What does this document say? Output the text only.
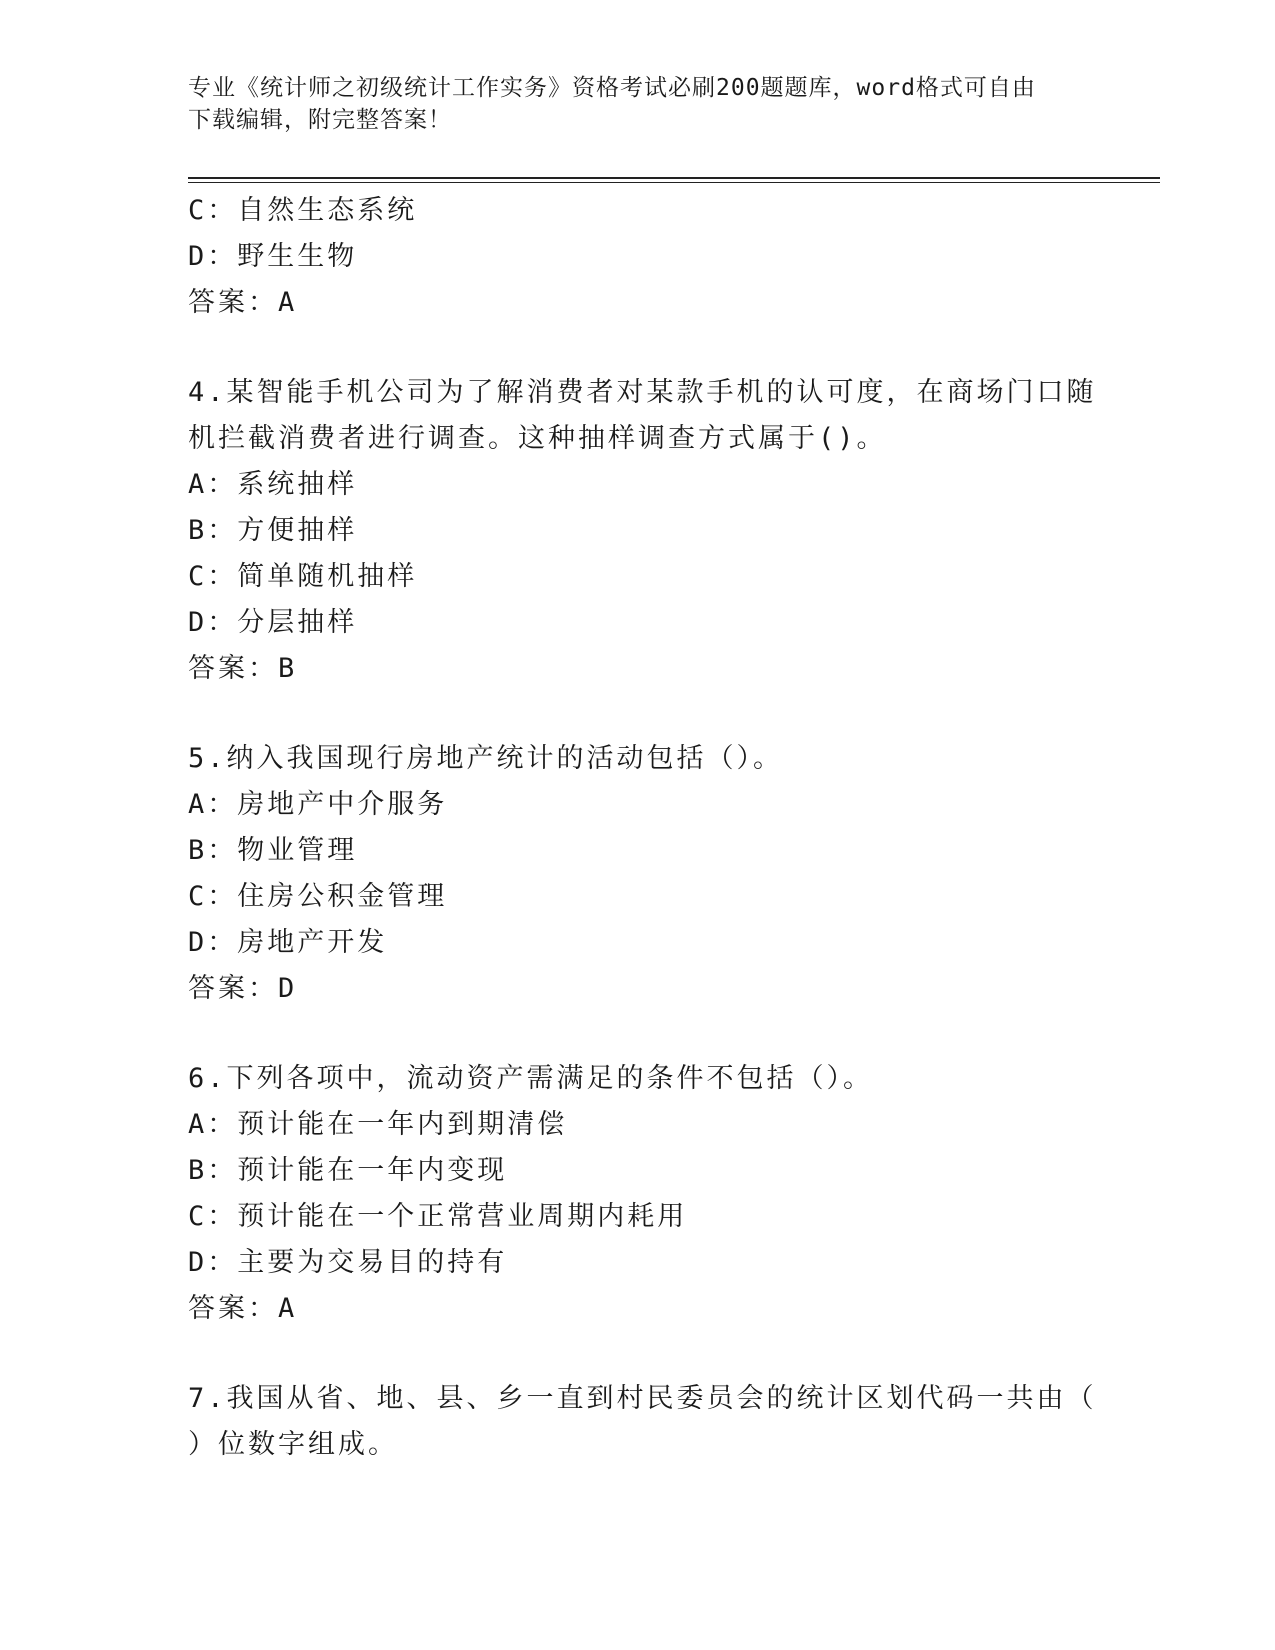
专业《统计师之初级统计工作实务》资格考试必刷200题题库，word格式可自由
下载编辑，附完整答案！
C：自然生态系统
D：野生生物
答案：A
4.某智能手机公司为了解消费者对某款手机的认可度，在商场门口随
机拦截消费者进行调查。这种抽样调查方式属于()。
A：系统抽样
B：方便抽样
C：简单随机抽样
D：分层抽样
答案：B
5.纳入我国现行房地产统计的活动包括（）。
A：房地产中介服务
B：物业管理
C：住房公积金管理
D：房地产开发
答案：D
6.下列各项中，流动资产需满足的条件不包括（）。
A：预计能在一年内到期清偿
B：预计能在一年内变现
C：预计能在一个正常营业周期内耗用
D：主要为交易目的持有
答案：A
7.我国从省、地、县、乡一直到村民委员会的统计区划代码一共由（
）位数字组成。
